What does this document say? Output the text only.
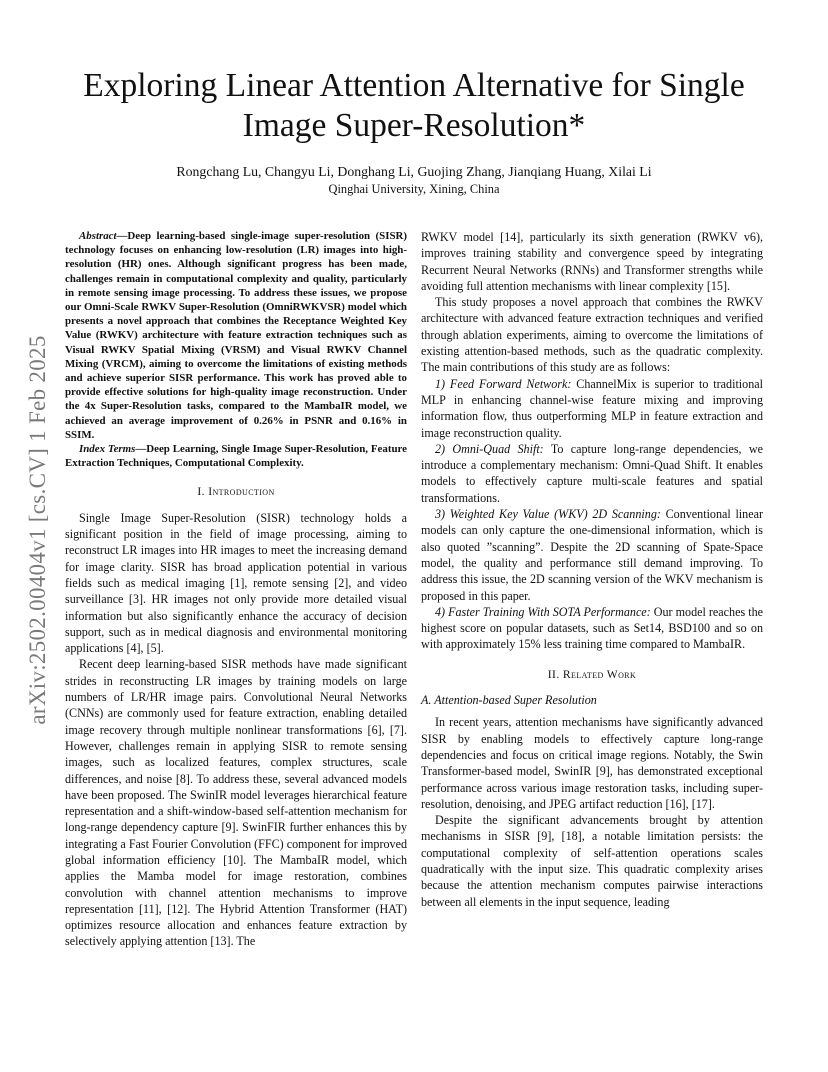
arXiv:2502.00404v1 [cs.CV] 1 Feb 2025
Exploring Linear Attention Alternative for Single
Image Super-Resolution*
Rongchang Lu, Changyu Li, Donghang Li, Guojing Zhang, Jianqiang Huang, Xilai Li
Qinghai University, Xining, China

Abstract—Deep learning-based single-image super-resolution (SISR) technology focuses on enhancing low-resolution (LR) images into high-resolution (HR) ones. Although significant progress has been made, challenges remain in computational complexity and quality, particularly in remote sensing image processing. To address these issues, we propose our Omni-Scale RWKV Super-Resolution (OmniRWKVSR) model which presents a novel approach that combines the Receptance Weighted Key Value (RWKV) architecture with feature extraction techniques such as Visual RWKV Spatial Mixing (VRSM) and Visual RWKV Channel Mixing (VRCM), aiming to overcome the limitations of existing methods and achieve superior SISR performance. This work has proved able to provide effective solutions for high-quality image reconstruction. Under the 4x Super-Resolution tasks, compared to the MambaIR model, we achieved an average improvement of 0.26% in PSNR and 0.16% in SSIM.

Index Terms—Deep Learning, Single Image Super-Resolution, Feature Extraction Techniques, Computational Complexity.

I. Introduction

Single Image Super-Resolution (SISR) technology holds a significant position in the field of image processing, aiming to reconstruct LR images into HR images to meet the increasing demand for image clarity. SISR has broad application potential in various fields such as medical imaging [1], remote sensing [2], and video surveillance [3]. HR images not only provide more detailed visual information but also significantly enhance the accuracy of decision support, such as in medical diagnosis and environmental monitoring applications [4], [5].

Recent deep learning-based SISR methods have made significant strides in reconstructing LR images by training models on large numbers of LR/HR image pairs. Convolutional Neural Networks (CNNs) are commonly used for feature extraction, enabling detailed image recovery through multiple nonlinear transformations [6], [7]. However, challenges remain in applying SISR to remote sensing images, such as localized features, complex structures, scale differences, and noise [8]. To address these, several advanced models have been proposed. The SwinIR model leverages hierarchical feature representation and a shift-window-based self-attention mechanism for long-range dependency capture [9]. SwinFIR further enhances this by integrating a Fast Fourier Convolution (FFC) component for improved global information efficiency [10]. The MambaIR model, which applies the Mamba model for image restoration, combines convolution with channel attention mechanisms to improve representation [11], [12]. The Hybrid Attention Transformer (HAT) optimizes resource allocation and enhances feature extraction by selectively applying attention [13]. The

RWKV model [14], particularly its sixth generation (RWKV v6), improves training stability and convergence speed by integrating Recurrent Neural Networks (RNNs) and Transformer strengths while avoiding full attention mechanisms with linear complexity [15].

This study proposes a novel approach that combines the RWKV architecture with advanced feature extraction techniques and verified through ablation experiments, aiming to overcome the limitations of existing attention-based methods, such as the quadratic complexity. The main contributions of this study are as follows:

1) Feed Forward Network: ChannelMix is superior to traditional MLP in enhancing channel-wise feature mixing and improving information flow, thus outperforming MLP in feature extraction and image reconstruction quality.

2) Omni-Quad Shift: To capture long-range dependencies, we introduce a complementary mechanism: Omni-Quad Shift. It enables models to effectively capture multi-scale features and spatial transformations.

3) Weighted Key Value (WKV) 2D Scanning: Conventional linear models can only capture the one-dimensional information, which is also quoted ”scanning”. Despite the 2D scanning of Spate-Space model, the quality and performance still demand improving. To address this issue, the 2D scanning version of the WKV mechanism is proposed in this paper.

4) Faster Training With SOTA Performance: Our model reaches the highest score on popular datasets, such as Set14, BSD100 and so on with approximately 15% less training time compared to MambaIR.

II. Related Work

A. Attention-based Super Resolution

In recent years, attention mechanisms have significantly advanced SISR by enabling models to effectively capture long-range dependencies and focus on critical image regions. Notably, the Swin Transformer-based model, SwinIR [9], has demonstrated exceptional performance across various image restoration tasks, including super-resolution, denoising, and JPEG artifact reduction [16], [17].

Despite the significant advancements brought by attention mechanisms in SISR [9], [18], a notable limitation persists: the computational complexity of self-attention operations scales quadratically with the input size. This quadratic complexity arises because the attention mechanism computes pairwise interactions between all elements in the input sequence, leading
